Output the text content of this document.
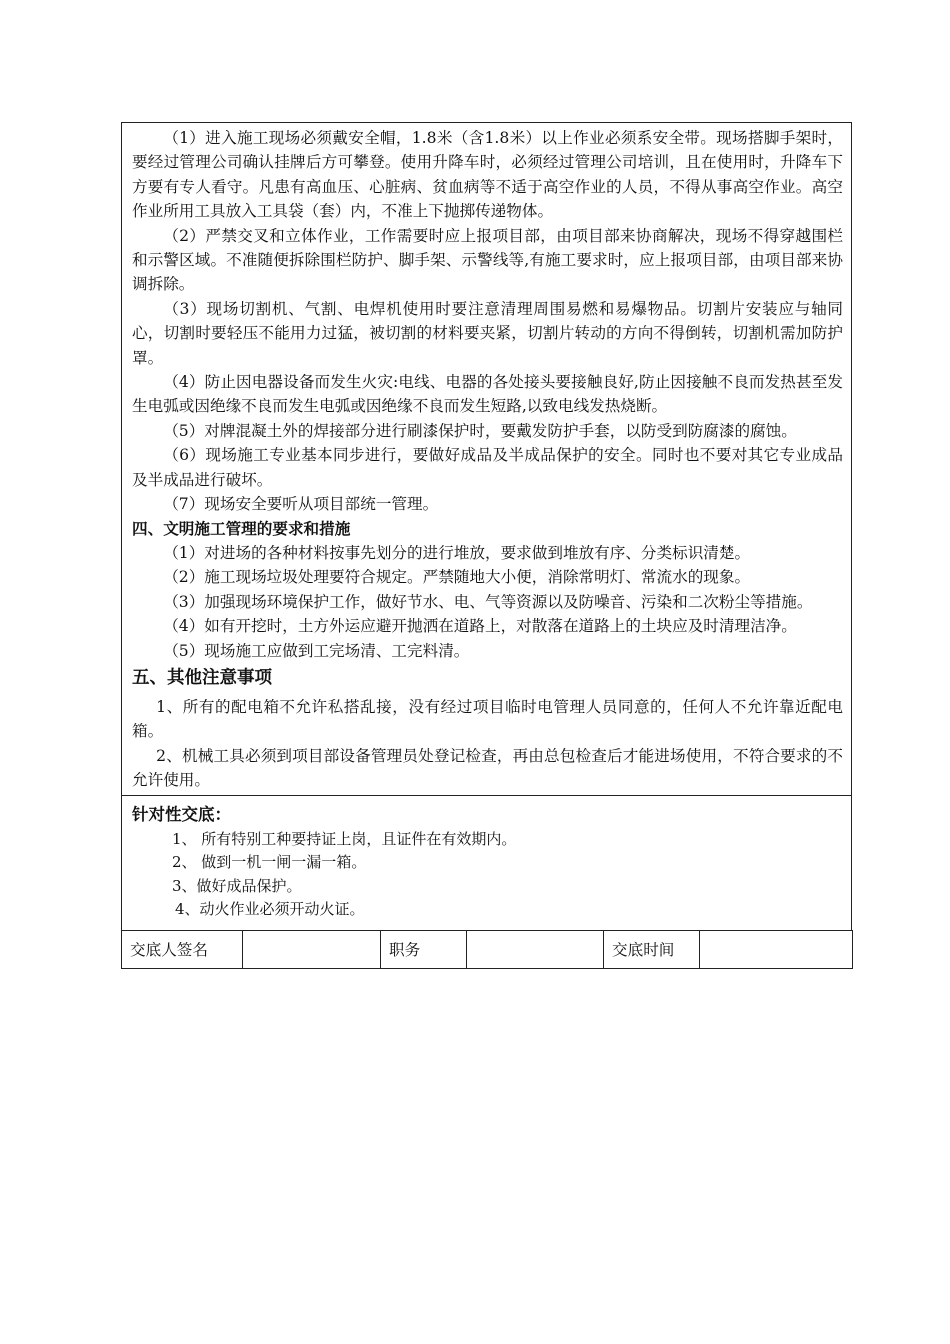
（1）进入施工现场必须戴安全帽，1.8米（含1.8米）以上作业必须系安全带。现场搭脚手架时，要经过管理公司确认挂牌后方可攀登。使用升降车时，必须经过管理公司培训，且在使用时，升降车下方要有专人看守。凡患有高血压、心脏病、贫血病等不适于高空作业的人员，不得从事高空作业。高空作业所用工具放入工具袋（套）内，不准上下抛掷传递物体。

（2）严禁交叉和立体作业，工作需要时应上报项目部，由项目部来协商解决，现场不得穿越围栏和示警区域。不准随便拆除围栏防护、脚手架、示警线等,有施工要求时，应上报项目部，由项目部来协调拆除。

（3）现场切割机、气割、电焊机使用时要注意清理周围易燃和易爆物品。切割片安装应与轴同心，切割时要轻压不能用力过猛，被切割的材料要夹紧，切割片转动的方向不得倒转，切割机需加防护罩。

（4）防止因电器设备而发生火灾:电线、电器的各处接头要接触良好,防止因接触不良而发热甚至发生电弧或因绝缘不良而发生电弧或因绝缘不良而发生短路,以致电线发热烧断。

（5）对牌混凝土外的焊接部分进行刷漆保护时，要戴发防护手套，以防受到防腐漆的腐蚀。

（6）现场施工专业基本同步进行，要做好成品及半成品保护的安全。同时也不要对其它专业成品及半成品进行破坏。

（7）现场安全要听从项目部统一管理。

四、文明施工管理的要求和措施

（1）对进场的各种材料按事先划分的进行堆放，要求做到堆放有序、分类标识清楚。

（2）施工现场垃圾处理要符合规定。严禁随地大小便，消除常明灯、常流水的现象。

（3）加强现场环境保护工作，做好节水、电、气等资源以及防噪音、污染和二次粉尘等措施。

（4）如有开挖时，土方外运应避开抛洒在道路上，对散落在道路上的土块应及时清理洁净。

（5）现场施工应做到工完场清、工完料清。

五、其他注意事项

1、所有的配电箱不允许私搭乱接，没有经过项目临时电管理人员同意的，任何人不允许靠近配电箱。

2、机械工具必须到项目部设备管理员处登记检查，再由总包检查后才能进场使用，不符合要求的不允许使用。

针对性交底：

1、 所有特别工种要持证上岗，且证件在有效期内。

2、 做到一机一闸一漏一箱。

3、做好成品保护。

4、动火作业必须开动火证。

交底人签名		职务		交底时间	
